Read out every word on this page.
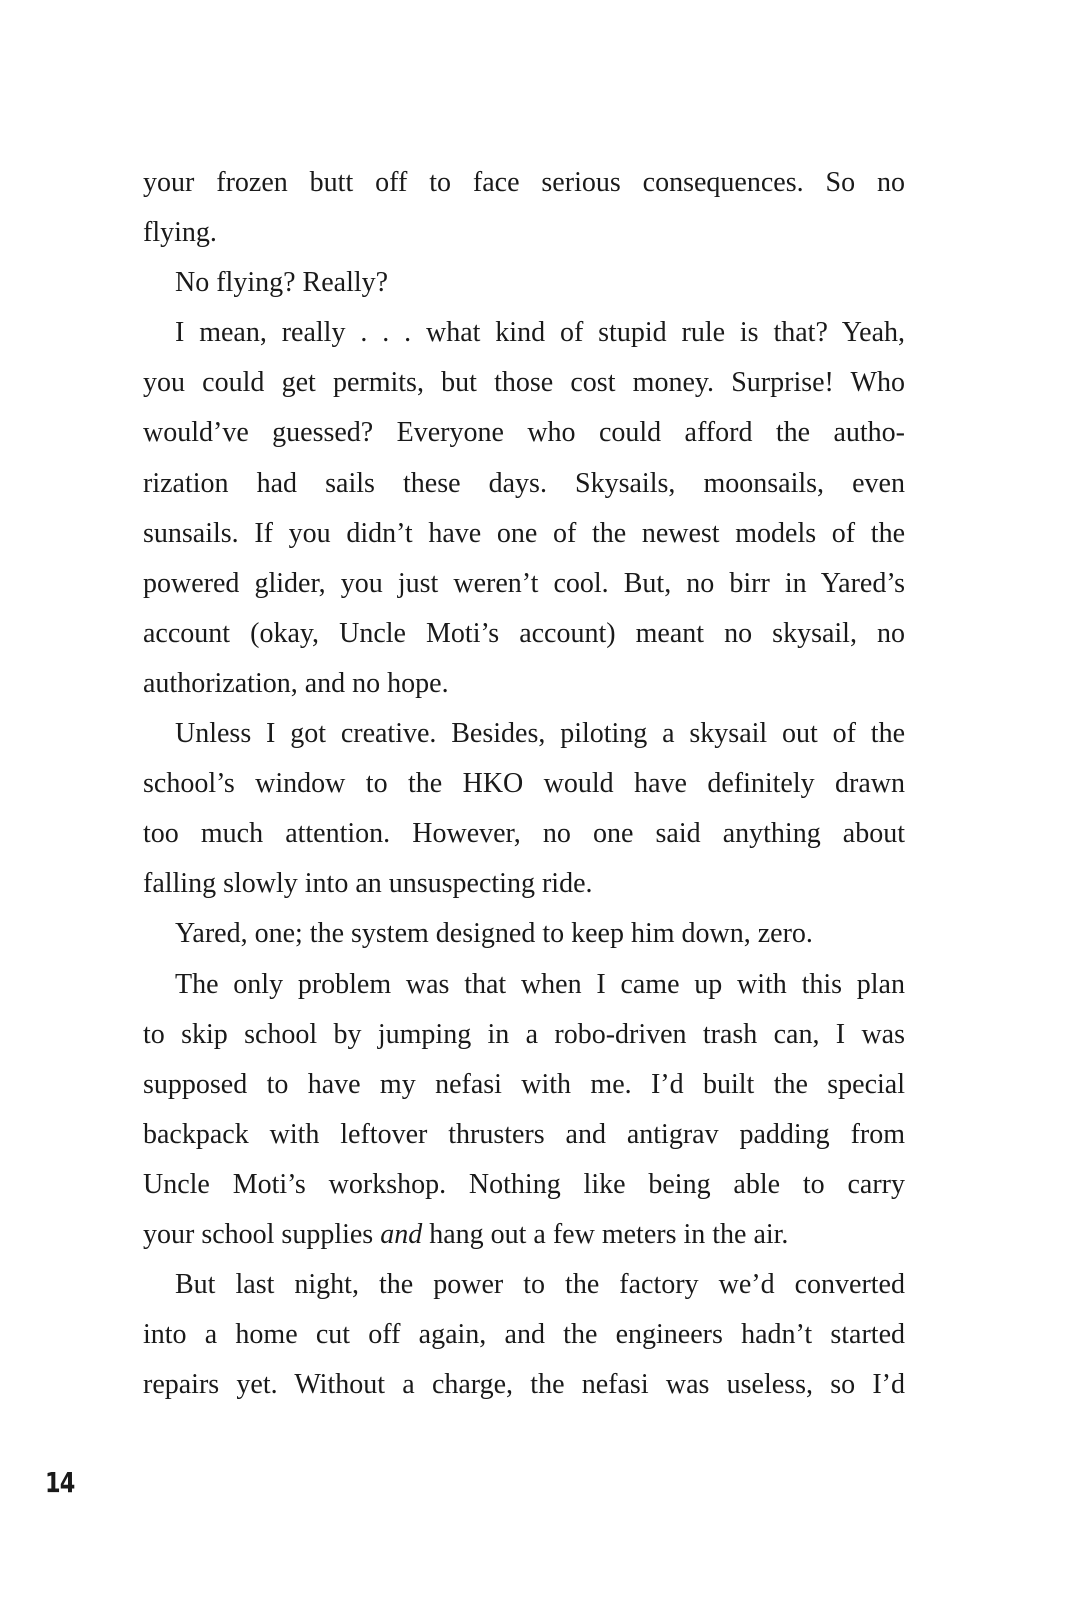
your frozen butt off to face serious consequences. So no
flying.
No flying? Really?
I mean, really . . . what kind of stupid rule is that? Yeah,
you could get permits, but those cost money. Surprise! Who
would’ve guessed? Everyone who could afford the autho-
rization had sails these days. Skysails, moonsails, even
sunsails. If you didn’t have one of the newest models of the
powered glider, you just weren’t cool. But, no birr in Yared’s
account (okay, Uncle Moti’s account) meant no skysail, no
authorization, and no hope.
Unless I got creative. Besides, piloting a skysail out of the
school’s window to the HKO would have definitely drawn
too much attention. However, no one said anything about
falling slowly into an unsuspecting ride.
Yared, one; the system designed to keep him down, zero.
The only problem was that when I came up with this plan
to skip school by jumping in a robo-driven trash can, I was
supposed to have my nefasi with me. I’d built the special
backpack with leftover thrusters and antigrav padding from
Uncle Moti’s workshop. Nothing like being able to carry
your school supplies and hang out a few meters in the air.
But last night, the power to the factory we’d converted
into a home cut off again, and the engineers hadn’t started
repairs yet. Without a charge, the nefasi was useless, so I’d
14
